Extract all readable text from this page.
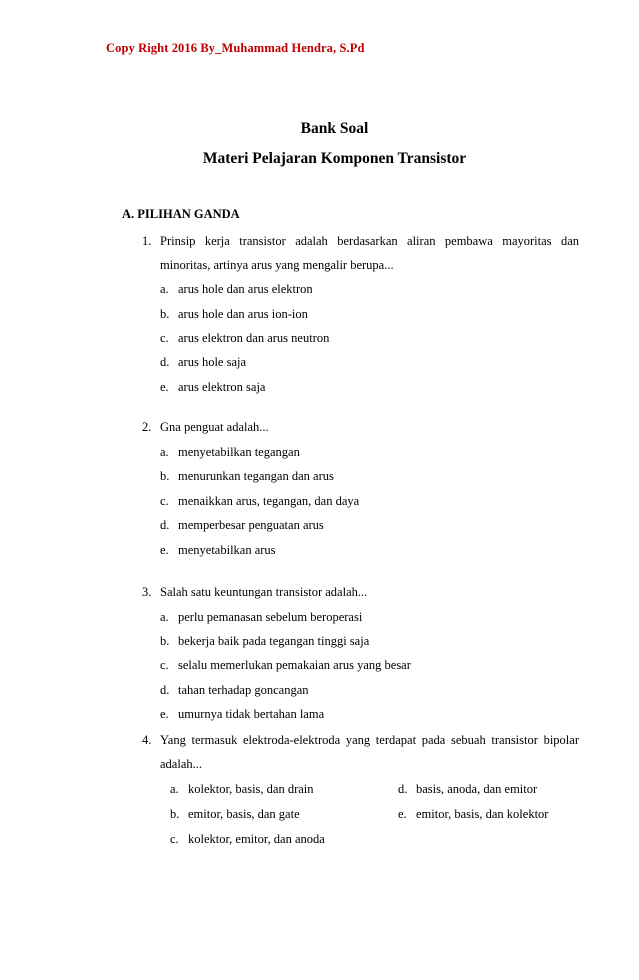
Copy Right 2016 By_Muhammad Hendra, S.Pd
Bank Soal
Materi Pelajaran Komponen Transistor
A. PILIHAN GANDA
1. Prinsip kerja transistor adalah berdasarkan aliran pembawa mayoritas dan
minoritas, artinya arus yang mengalir berupa...
a. arus hole dan arus elektron
b. arus hole dan arus ion-ion
c. arus elektron dan arus neutron
d. arus hole saja
e. arus elektron saja
2. Gna penguat adalah...
a. menyetabilkan tegangan
b. menurunkan tegangan dan arus
c. menaikkan arus, tegangan, dan daya
d. memperbesar penguatan arus
e. menyetabilkan arus
3. Salah satu keuntungan transistor adalah...
a. perlu pemanasan sebelum beroperasi
b. bekerja baik pada tegangan tinggi saja
c. selalu memerlukan pemakaian arus yang besar
d. tahan terhadap goncangan
e. umurnya tidak bertahan lama
4. Yang termasuk elektroda-elektroda yang terdapat pada sebuah transistor bipolar
adalah...
a. kolektor, basis, dan drain
b. emitor, basis, dan gate
c. kolektor, emitor, dan anoda
d. basis, anoda, dan emitor
e. emitor, basis, dan kolektor
